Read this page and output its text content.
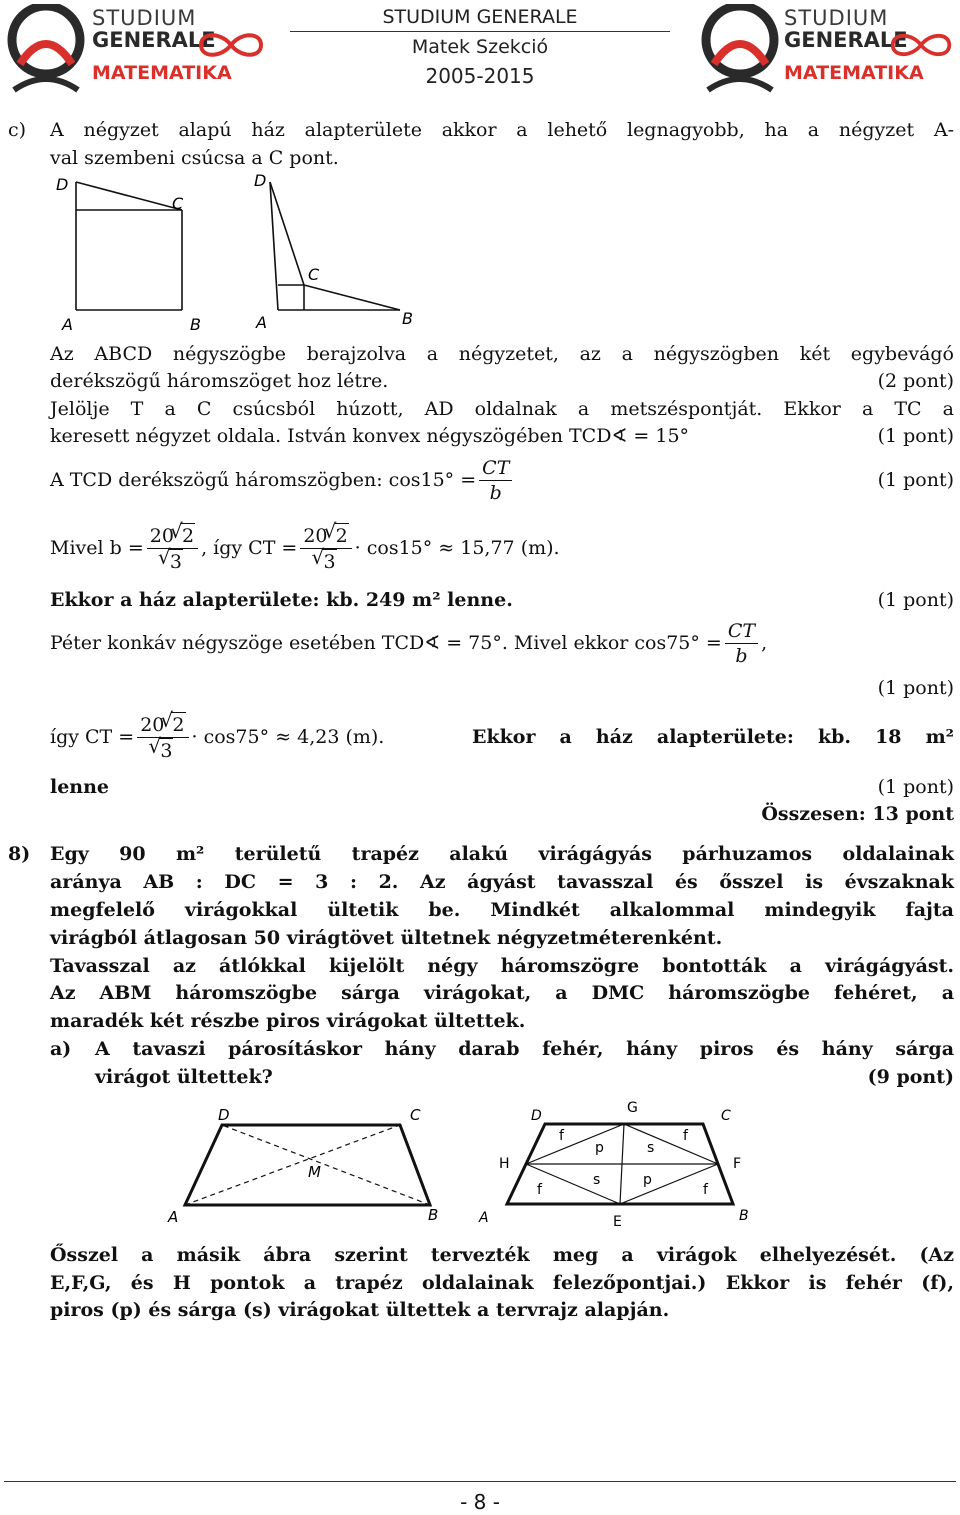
STUDIUM
GENERALE
MATEMATIKA
STUDIUM GENERALE
Matek Szekció
2005-2015
STUDIUM
GENERALE
MATEMATIKA
c) A négyzet alapú ház alapterülete akkor a lehető legnagyobb, ha a négyzet A-
val szembeni csúcsa a C pont.
D
C
A	B
D
C
A	B
Az ABCD négyszögbe berajzolva a négyzetet, az a négyszögben két egybevágó
derékszögű háromszöget hoz létre.	(2 pont)
Jelölje T a C csúcsból húzott, AD oldalnak a metszéspontját. Ekkor a TC a
keresett négyzet oldala. István konvex négyszögében TCD∢ = 15°	(1 pont)
A TCD derékszögű háromszögben: $\cos 15^\circ = \frac{CT}{b}$	(1 pont)
Mivel b = 20 √ 2
√ 3 , így CT = 20 √ 2
√ 3 · cos15° ≈ 15,77 (m).
Ekkor a ház alapterülete: kb. 249 m² lenne.	(1 pont)
Péter konkáv négyszöge esetében TCD∢ = 75°. Mivel ekkor $\cos 75^\circ = \frac{CT}{b}$ ,
(1 pont)
így CT = 20 √ 2
√ 3 · cos75° ≈ 4,23 (m).	Ekkor a ház alapterülete: kb. 18 m²
lenne	(1 pont)
Összesen: 13 pont
8) Egy 90 m² területű trapéz alakú virágágyás párhuzamos oldalainak
aránya AB : DC = 3 : 2. Az ágyást tavasszal és ősszel is évszaknak
megfelelő virágokkal ültetik be. Mindkét alkalommal mindegyik fajta
virágból átlagosan 50 virágtövet ültetnek négyzetméterenként.
Tavasszal az átlókkal kijelölt négy háromszögre bontották a virágágyást.
Az ABM háromszögbe sárga virágokat, a DMC háromszögbe fehéret, a
maradék két részbe piros virágokat ültettek.
a) A tavaszi párosításkor hány darab fehér, hány piros és hány sárga
virágot ültettek?	(9 pont)
D	C
M
A	B
G
D	C
H	F
A	B
E
f	f
f	f
p	s
s	p
Ősszel a másik ábra szerint tervezték meg a virágok elhelyezését. (Az
E,F,G, és H pontok a trapéz oldalainak felezőpontjai.) Ekkor is fehér (f),
piros (p) és sárga (s) virágokat ültettek a tervrajz alapján.
- 8 -
